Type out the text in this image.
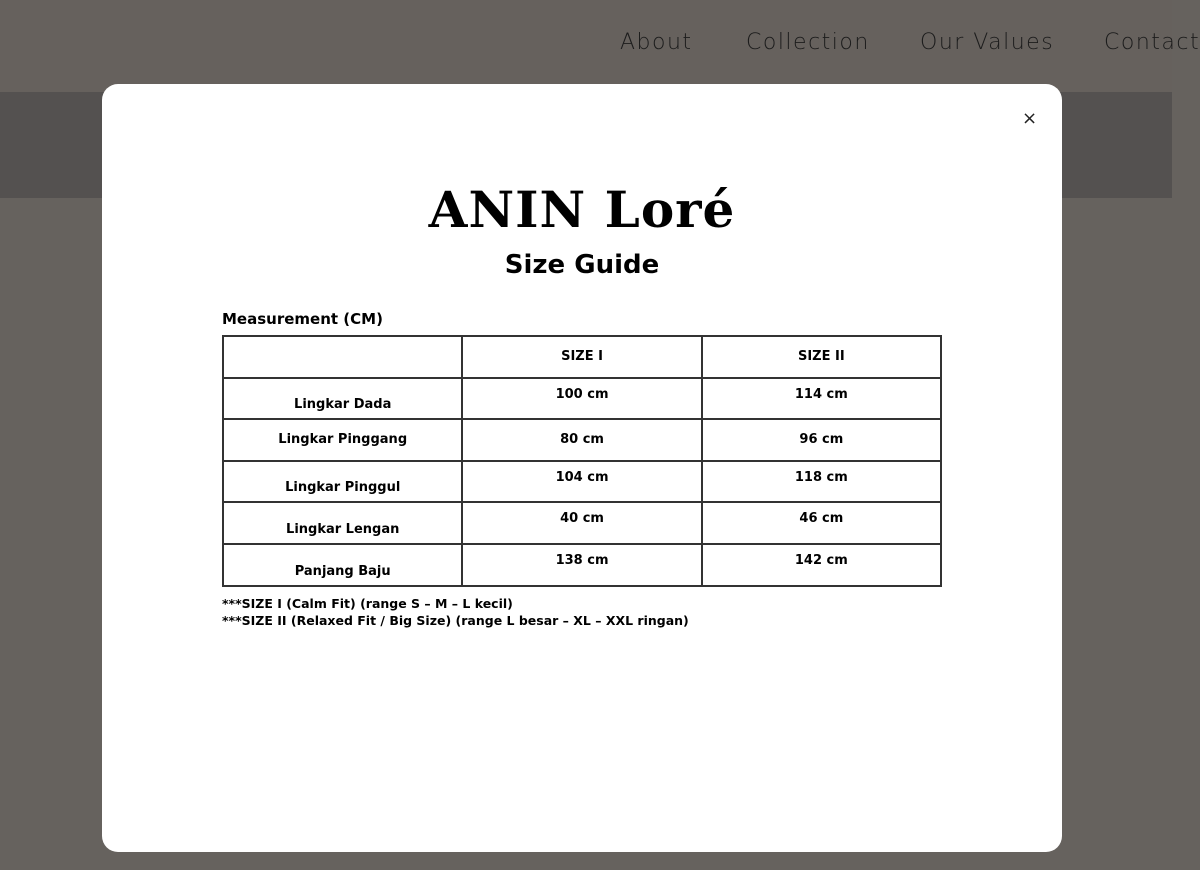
About Collection Our Values Contact
×
ANIN Loré
Size Guide
Measurement (CM)
	SIZE I	SIZE II
Lingkar Dada	100 cm	114 cm
Lingkar Pinggang	80 cm	96 cm
Lingkar Pinggul	104 cm	118 cm
Lingkar Lengan	40 cm	46 cm
Panjang Baju	138 cm	142 cm
***SIZE I (Calm Fit) (range S – M – L kecil)
***SIZE II (Relaxed Fit / Big Size) (range L besar – XL – XXL ringan)
